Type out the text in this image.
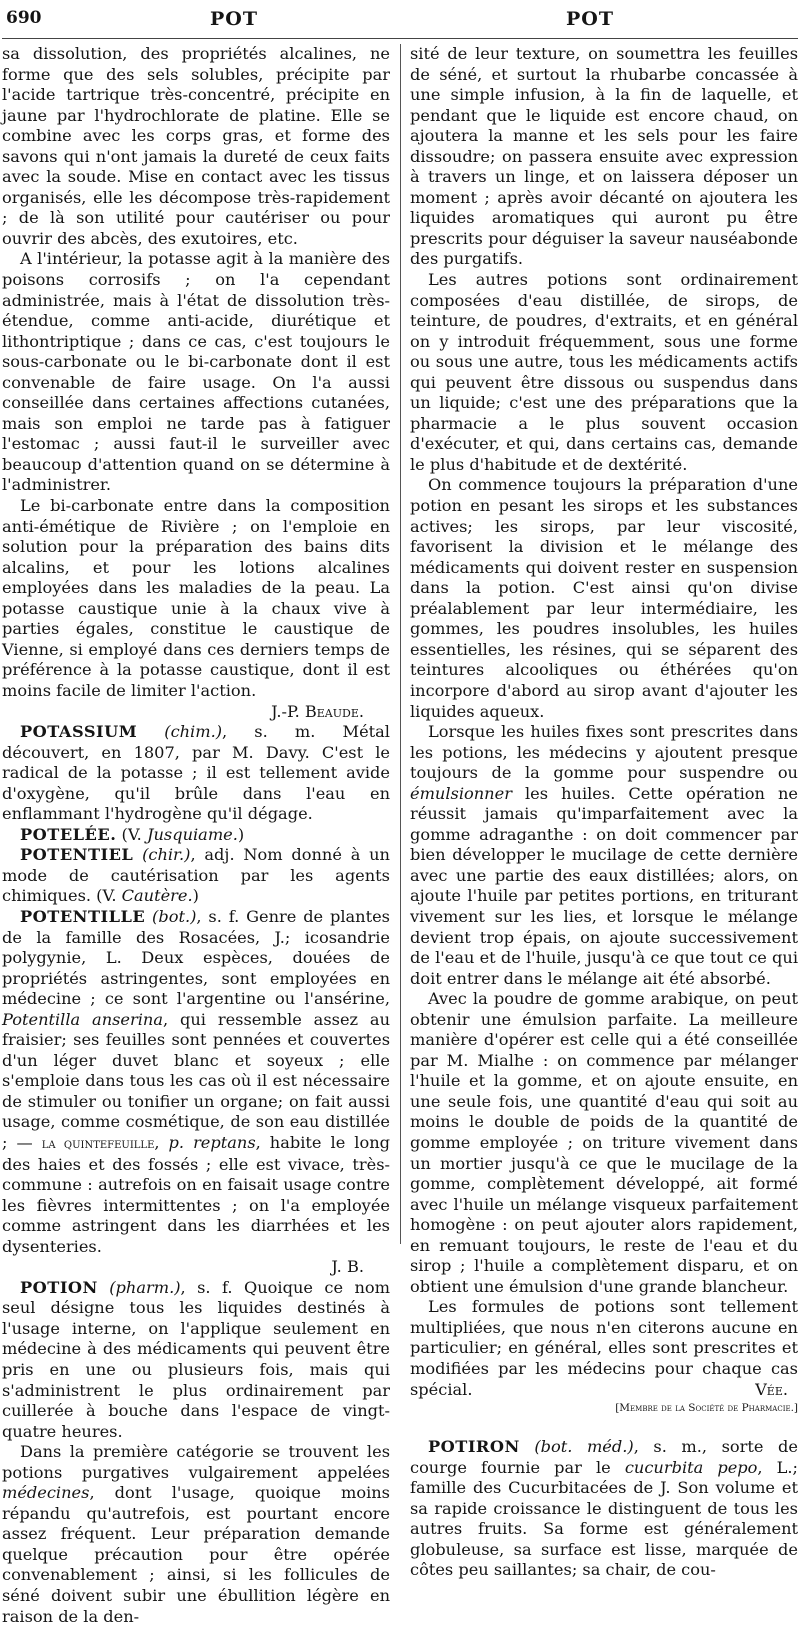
690	POT	POT

sa dissolution, des propriétés alcalines, ne forme que des sels solubles, précipite par l'acide tartrique très-concentré, précipite en jaune par l'hydrochlorate de platine. Elle se combine avec les corps gras, et forme des savons qui n'ont jamais la dureté de ceux faits avec la soude. Mise en contact avec les tissus organisés, elle les décompose très-rapidement ; de là son utilité pour cautériser ou pour ouvrir des abcès, des exutoires, etc.

A l'intérieur, la potasse agit à la manière des poisons corrosifs ; on l'a cependant administrée, mais à l'état de dissolution très-étendue, comme anti-acide, diurétique et lithontriptique ; dans ce cas, c'est toujours le sous-carbonate ou le bi-carbonate dont il est convenable de faire usage. On l'a aussi conseillée dans certaines affections cutanées, mais son emploi ne tarde pas à fatiguer l'estomac ; aussi faut-il le surveiller avec beaucoup d'attention quand on se détermine à l'administrer.

Le bi-carbonate entre dans la composition anti-émétique de Rivière ; on l'emploie en solution pour la préparation des bains dits alcalins, et pour les lotions alcalines employées dans les maladies de la peau. La potasse caustique unie à la chaux vive à parties égales, constitue le caustique de Vienne, si employé dans ces derniers temps de préférence à la potasse caustique, dont il est moins facile de limiter l'action.

J.-P. Beaude.

POTASSIUM (chim.), s. m. Métal découvert, en 1807, par M. Davy. C'est le radical de la potasse ; il est tellement avide d'oxygène, qu'il brûle dans l'eau en enflammant l'hydrogène qu'il dégage.

POTELÉE. (V. Jusquiame.)

POTENTIEL (chir.), adj. Nom donné à un mode de cautérisation par les agents chimiques. (V. Cautère.)

POTENTILLE (bot.), s. f. Genre de plantes de la famille des Rosacées, J.; icosandrie polygynie, L. Deux espèces, douées de propriétés astringentes, sont employées en médecine ; ce sont l'argentine ou l'ansérine, Potentilla anserina, qui ressemble assez au fraisier; ses feuilles sont pennées et couvertes d'un léger duvet blanc et soyeux ; elle s'emploie dans tous les cas où il est nécessaire de stimuler ou tonifier un organe; on fait aussi usage, comme cosmétique, de son eau distillée ; — la quintefeuille, p. reptans, habite le long des haies et des fossés ; elle est vivace, très-commune : autrefois on en faisait usage contre les fièvres intermittentes ; on l'a employée comme astringent dans les diarrhées et les dysenteries.

J. B.

POTION (pharm.), s. f. Quoique ce nom seul désigne tous les liquides destinés à l'usage interne, on l'applique seulement en médecine à des médicaments qui peuvent être pris en une ou plusieurs fois, mais qui s'administrent le plus ordinairement par cuillerée à bouche dans l'espace de vingt-quatre heures.

Dans la première catégorie se trouvent les potions purgatives vulgairement appelées médecines, dont l'usage, quoique moins répandu qu'autrefois, est pourtant encore assez fréquent. Leur préparation demande quelque précaution pour être opérée convenablement ; ainsi, si les follicules de séné doivent subir une ébullition légère en raison de la den-

sité de leur texture, on soumettra les feuilles de séné, et surtout la rhubarbe concassée à une simple infusion, à la fin de laquelle, et pendant que le liquide est encore chaud, on ajoutera la manne et les sels pour les faire dissoudre; on passera ensuite avec expression à travers un linge, et on laissera déposer un moment ; après avoir décanté on ajoutera les liquides aromatiques qui auront pu être prescrits pour déguiser la saveur nauséabonde des purgatifs.

Les autres potions sont ordinairement composées d'eau distillée, de sirops, de teinture, de poudres, d'extraits, et en général on y introduit fréquemment, sous une forme ou sous une autre, tous les médicaments actifs qui peuvent être dissous ou suspendus dans un liquide; c'est une des préparations que la pharmacie a le plus souvent occasion d'exécuter, et qui, dans certains cas, demande le plus d'habitude et de dextérité.

On commence toujours la préparation d'une potion en pesant les sirops et les substances actives; les sirops, par leur viscosité, favorisent la division et le mélange des médicaments qui doivent rester en suspension dans la potion. C'est ainsi qu'on divise préalablement par leur intermédiaire, les gommes, les poudres insolubles, les huiles essentielles, les résines, qui se séparent des teintures alcooliques ou éthérées qu'on incorpore d'abord au sirop avant d'ajouter les liquides aqueux.

Lorsque les huiles fixes sont prescrites dans les potions, les médecins y ajoutent presque toujours de la gomme pour suspendre ou émulsionner les huiles. Cette opération ne réussit jamais qu'imparfaitement avec la gomme adraganthe : on doit commencer par bien développer le mucilage de cette dernière avec une partie des eaux distillées; alors, on ajoute l'huile par petites portions, en triturant vivement sur les lies, et lorsque le mélange devient trop épais, on ajoute successivement de l'eau et de l'huile, jusqu'à ce que tout ce qui doit entrer dans le mélange ait été absorbé.

Avec la poudre de gomme arabique, on peut obtenir une émulsion parfaite. La meilleure manière d'opérer est celle qui a été conseillée par M. Mialhe : on commence par mélanger l'huile et la gomme, et on ajoute ensuite, en une seule fois, une quantité d'eau qui soit au moins le double de poids de la quantité de gomme employée ; on triture vivement dans un mortier jusqu'à ce que le mucilage de la gomme, complètement développé, ait formé avec l'huile un mélange visqueux parfaitement homogène : on peut ajouter alors rapidement, en remuant toujours, le reste de l'eau et du sirop ; l'huile a complètement disparu, et on obtient une émulsion d'une grande blancheur.

Les formules de potions sont tellement multipliées, que nous n'en citerons aucune en particulier; en général, elles sont prescrites et modifiées par les médecins pour chaque cas spécial.	Vée.

[Membre de la Société de Pharmacie.]

POTIRON (bot. méd.), s. m., sorte de courge fournie par le cucurbita pepo, L.; famille des Cucurbitacées de J. Son volume et sa rapide croissance le distinguent de tous les autres fruits. Sa forme est généralement globuleuse, sa surface est lisse, marquée de côtes peu saillantes; sa chair, de cou-
